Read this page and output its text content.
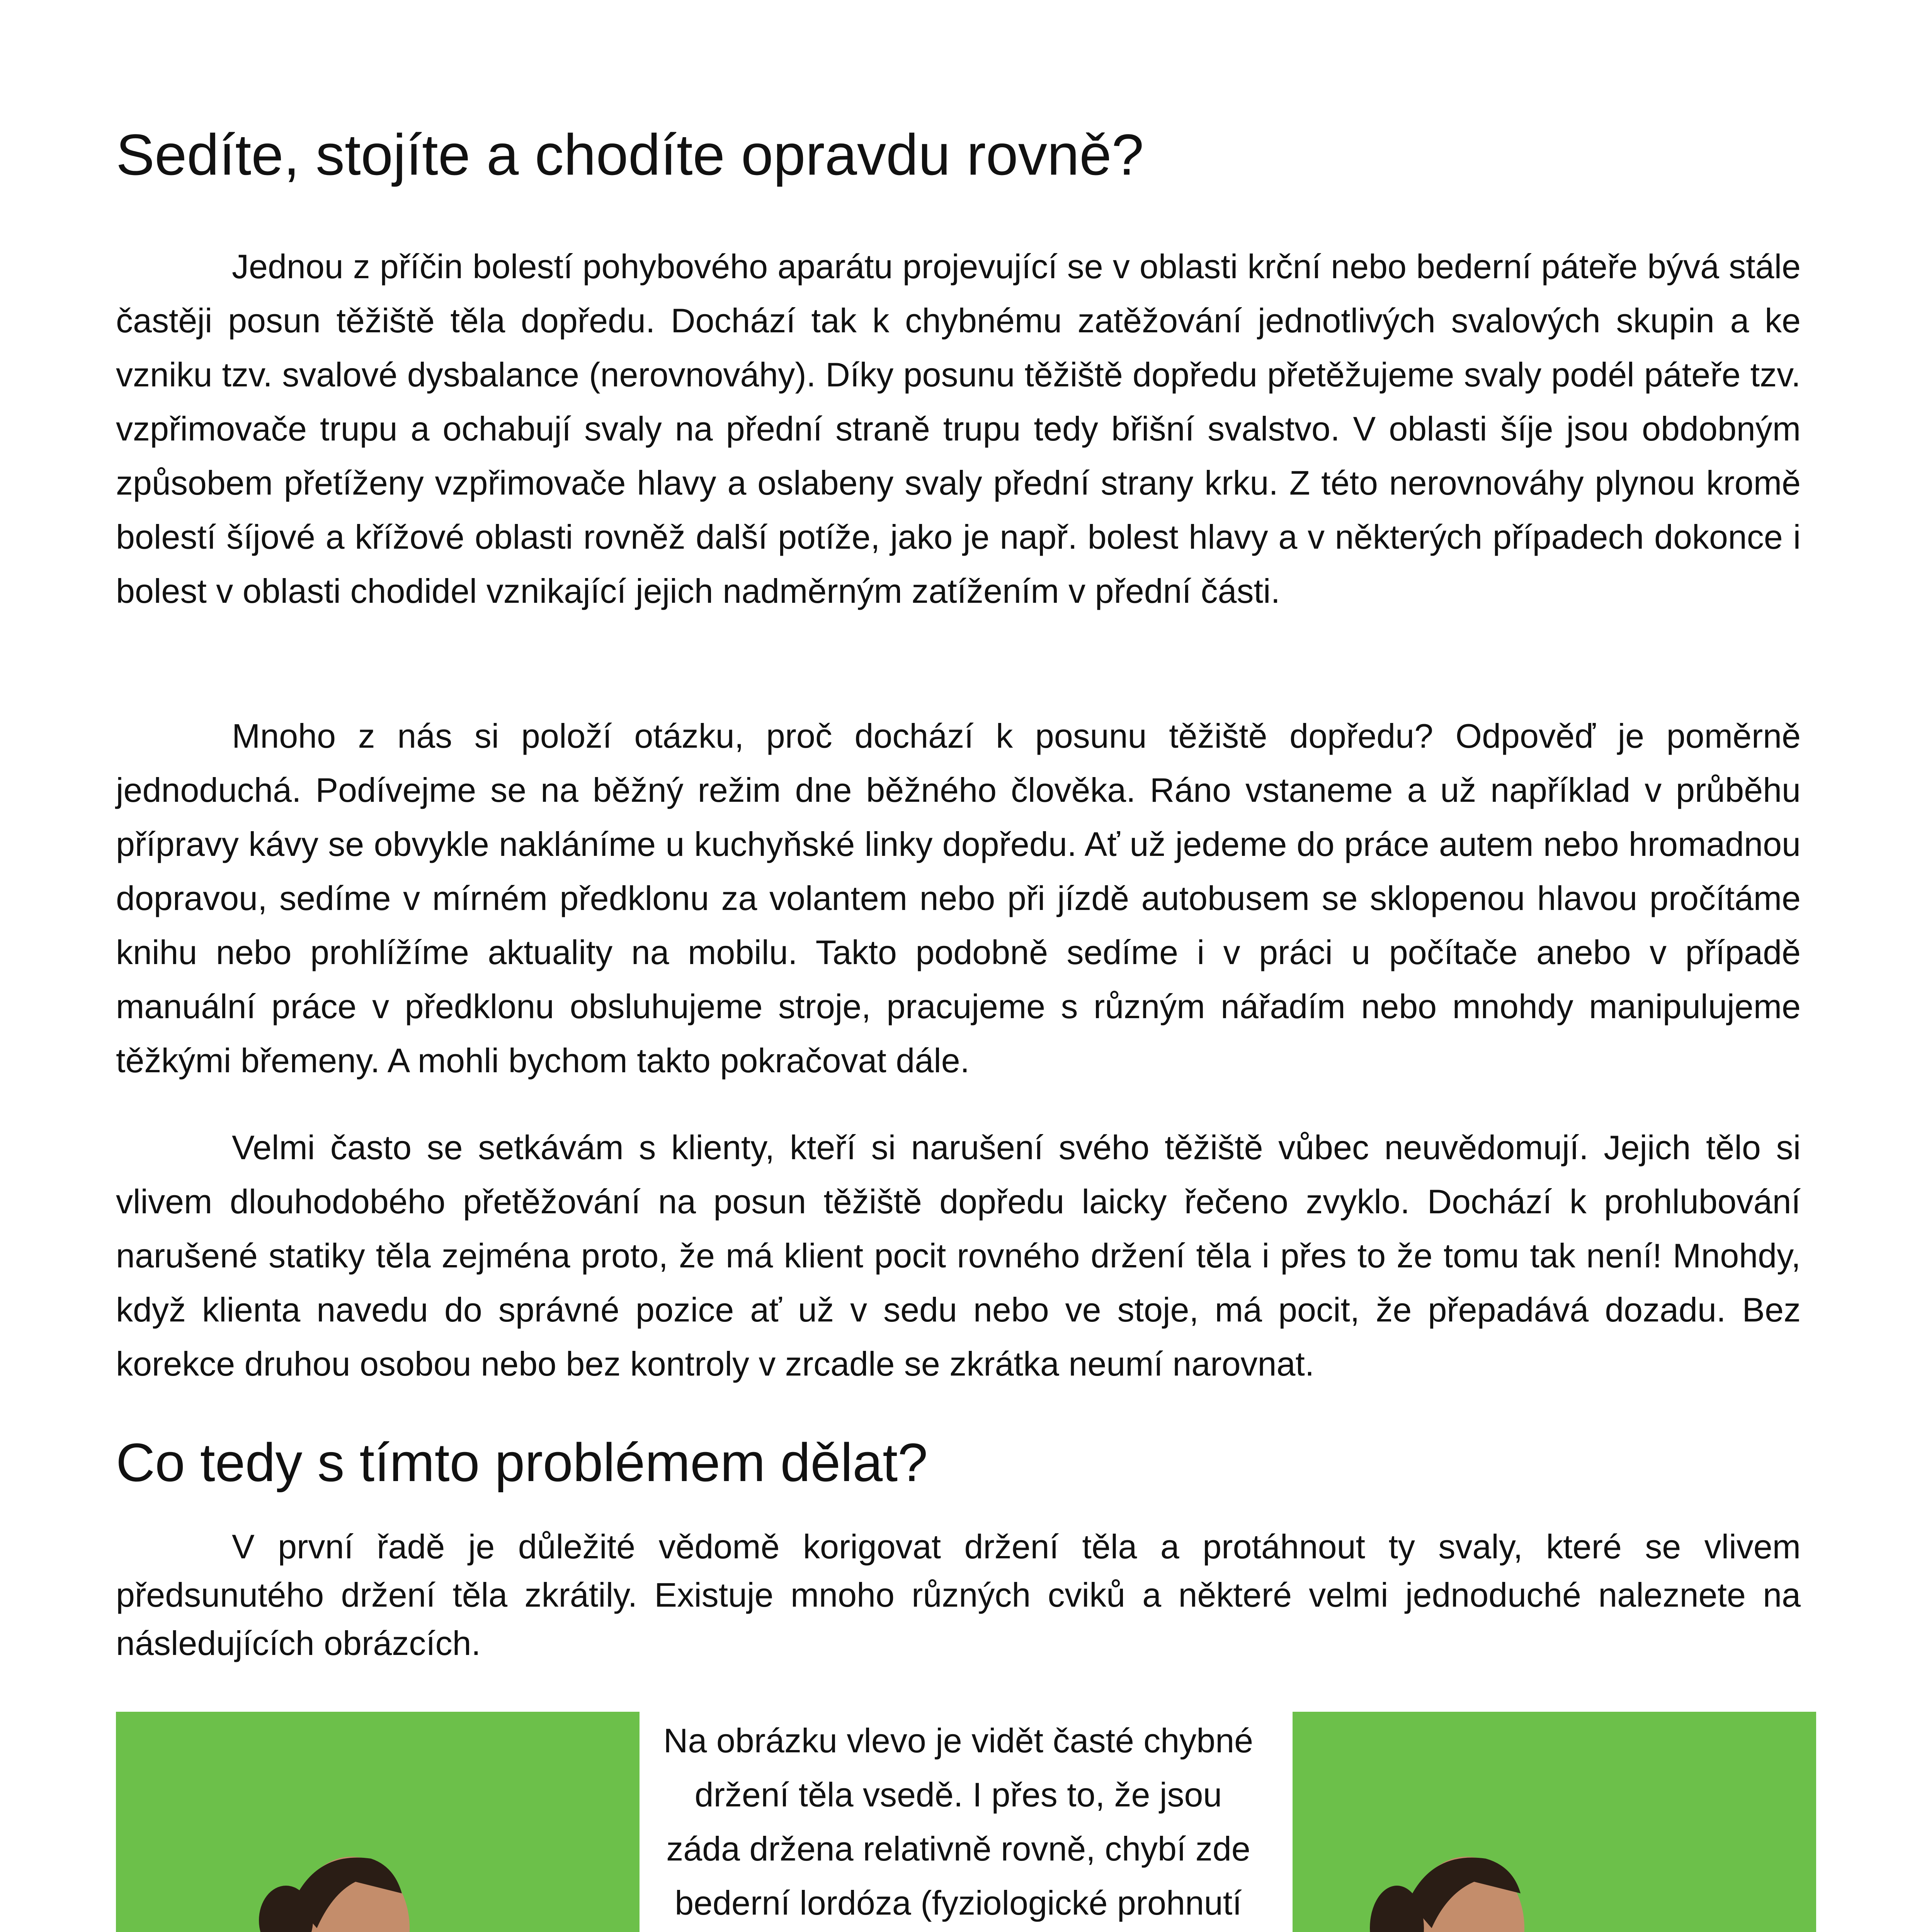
Sedíte, stojíte a chodíte opravdu rovně?

Jednou z příčin bolestí pohybového aparátu projevující se v oblasti krční nebo bederní páteře bývá stále častěji posun těžiště těla dopředu. Dochází tak k chybnému zatěžování jednotlivých svalových skupin a ke vzniku tzv. svalové dysbalance (nerovnováhy). Díky posunu těžiště dopředu přetěžujeme svaly podél páteře tzv. vzpřimovače trupu a ochabují svaly na přední straně trupu tedy břišní svalstvo. V oblasti šíje jsou obdobným způsobem přetíženy vzpřimovače hlavy a oslabeny svaly přední strany krku. Z této nerovnováhy plynou kromě bolestí šíjové a křížové oblasti rovněž další potíže, jako je např. bolest hlavy a v některých případech dokonce i bolest v oblasti chodidel vznikající jejich nadměrným zatížením v přední části.

Mnoho z nás si položí otázku, proč dochází k posunu těžiště dopředu? Odpověď je poměrně jednoduchá. Podívejme se na běžný režim dne běžného člověka. Ráno vstaneme a už například v průběhu přípravy kávy se obvykle nakláníme u kuchyňské linky dopředu. Ať už jedeme do práce autem nebo hromadnou dopravou, sedíme v mírném předklonu za volantem nebo při jízdě autobusem se sklopenou hlavou pročítáme knihu nebo prohlížíme aktuality na mobilu. Takto podobně sedíme i v práci u počítače anebo v případě manuální práce v předklonu obsluhujeme stroje, pracujeme s různým nářadím nebo mnohdy manipulujeme těžkými břemeny. A mohli bychom takto pokračovat dále.

Velmi často se setkávám s klienty, kteří si narušení svého těžiště vůbec neuvědomují. Jejich tělo si vlivem dlouhodobého přetěžování na posun těžiště dopředu laicky řečeno zvyklo. Dochází k prohlubování narušené statiky těla zejména proto, že má klient pocit rovného držení těla i přes to že tomu tak není! Mnohdy, když klienta navedu do správné pozice ať už v sedu nebo ve stoje, má pocit, že přepadává dozadu. Bez korekce druhou osobou nebo bez kontroly v zrcadle se zkrátka neumí narovnat.

Co tedy s tímto problémem dělat?

V první řadě je důležité vědomě korigovat držení těla a protáhnout ty svaly, které se vlivem předsunutého držení těla zkrátily. Existuje mnoho různých cviků a některé velmi jednoduché naleznete na následujících obrázcích.

Na obrázku vlevo je vidět časté chybné držení těla vsedě. I přes to, že jsou záda držena relativně rovně, chybí zde bederní lordóza (fyziologické prohnutí
